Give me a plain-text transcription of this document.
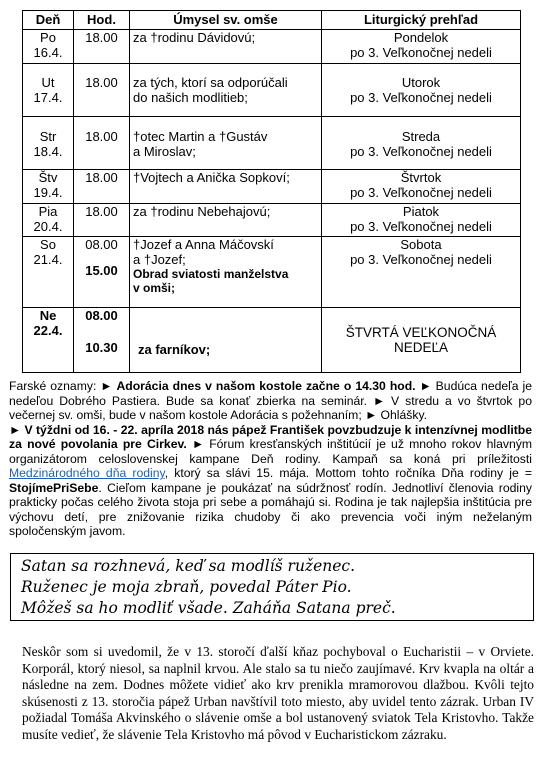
Deň	Hod.	Úmysel sv. omše	Liturgický prehľad

Po
16.4.	18.00	za †rodinu Dávidovú;	Pondelok
po 3. Veľkonočnej nedeli

Ut
17.4.	18.00	za tých, ktorí sa odporúčali
do našich modlitieb;	Utorok
po 3. Veľkonočnej nedeli

Str
18.4.	18.00	†otec Martin a †Gustáv
a Miroslav;	Streda
po 3. Veľkonočnej nedeli

Štv
19.4.	18.00	†Vojtech a Anička Sopkoví;	Štvrtok
po 3. Veľkonočnej nedeli

Pia
20.4.	18.00	za †rodinu Nebehajovú;	Piatok
po 3. Veľkonočnej nedeli

So
21.4.	08.00
15.00	†Jozef a Anna Máčovskí
a †Jozef;
Obrad sviatosti manželstva
v omši;	Sobota
po 3. Veľkonočnej nedeli

Ne
22.4.	08.00
10.30	za farníkov;	ŠTVRTÁ VEĽKONOČNÁ
NEDEĽA

Farské oznamy: ► Adorácia dnes v našom kostole začne o 14.30 hod. ► Budúca nedeľa je nedeľou Dobrého Pastiera. Bude sa konať zbierka na seminár. ► V stredu a vo štvrtok po večernej sv. omši, bude v našom kostole Adorácia s požehnaním; ► Ohlášky.

► V týždni od 16. - 22. apríla 2018 nás pápež František povzbudzuje k intenzívnej modlitbe za nové povolania pre Cirkev. ► Fórum kresťanských inštitúcií je už mnoho rokov hlavným organizátorom celoslovenskej kampane Deň rodiny. Kampaň sa koná pri príležitosti Medzinárodného dňa rodiny, ktorý sa slávi 15. mája. Mottom tohto ročníka Dňa rodiny je = StojímePriSebe. Cieľom kampane je poukázať na súdržnosť rodín. Jednotliví členovia rodiny prakticky počas celého života stoja pri sebe a pomáhajú si. Rodina je tak najlepšia inštitúcia pre výchovu detí, pre znižovanie rizika chudoby či ako prevencia voči iným neželaným spoločenským javom.

Satan sa rozhnevá, keď sa modlíš ruženec.
Ruženec je moja zbraň, povedal Páter Pio.
Môžeš sa ho modliť všade. Zaháňa Satana preč.

Neskôr som si uvedomil, že v 13. storočí ďalší kňaz pochyboval o Eucharistii – v Orviete. Korporál, ktorý niesol, sa naplnil krvou. Ale stalo sa tu niečo zaujímavé. Krv kvapla na oltár a následne na zem. Dodnes môžete vidieť ako krv prenikla mramorovou dlažbou. Kvôli tejto skúsenosti z 13. storočia pápež Urban navštívil toto miesto, aby uvidel tento zázrak. Urban IV požiadal Tomáša Akvinského o slávenie omše a bol ustanovený sviatok Tela Kristovho. Takže musíte vedieť, že slávenie Tela Kristovho má pôvod v Eucharistickom zázraku.
